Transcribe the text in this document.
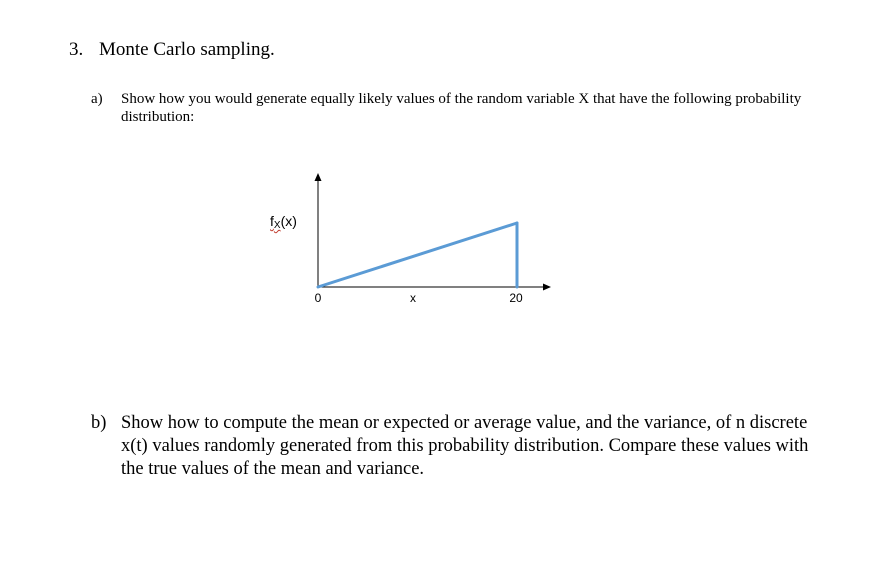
3. Monte Carlo sampling.
a) Show how you would generate equally likely values of the random variable X that have the following probability distribution:
$f_X(x)$
0	x	20
b) Show how to compute the mean or expected or average value, and the variance, of n discrete x(t) values randomly generated from this probability distribution. Compare these values with the true values of the mean and variance.
